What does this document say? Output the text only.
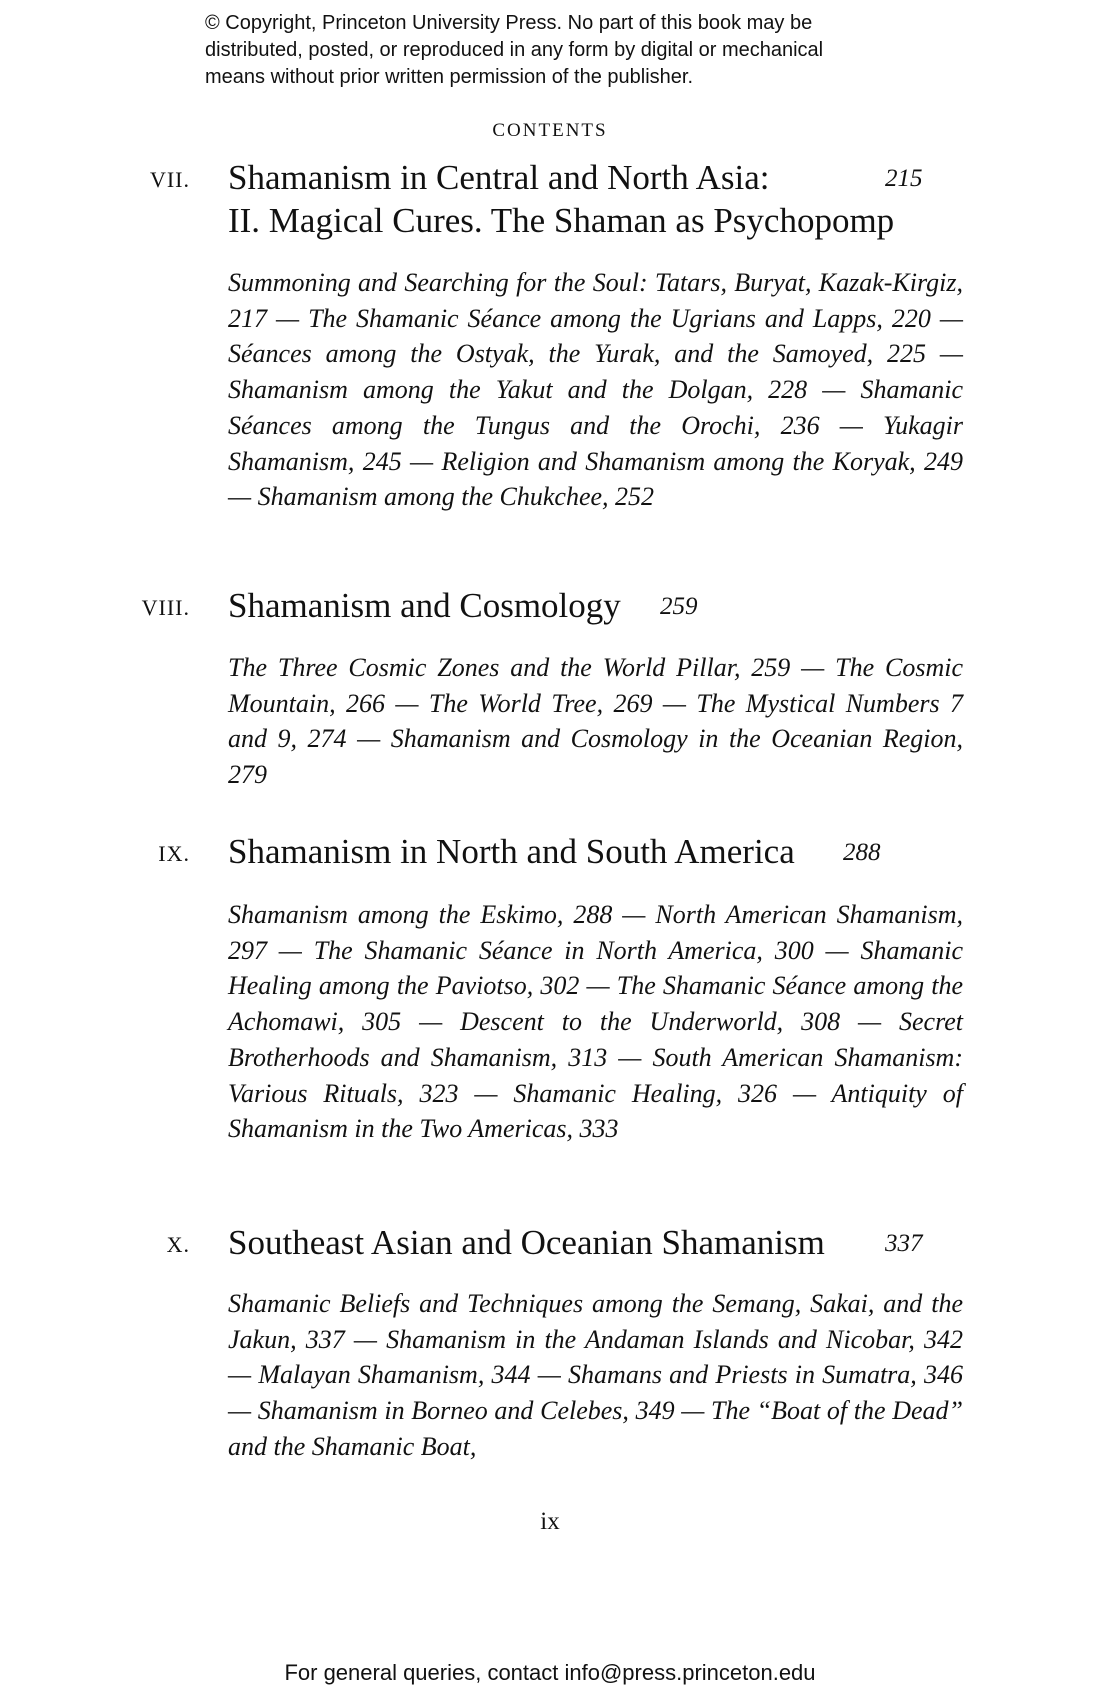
© Copyright, Princeton University Press. No part of this book may be
distributed, posted, or reproduced in any form by digital or mechanical
means without prior written permission of the publisher.
CONTENTS
VII. Shamanism in Central and North Asia:	215
II. Magical Cures. The Shaman as Psychopomp
Summoning and Searching for the Soul: Tatars, Buryat, Kazak-Kirgiz, 217 — The Shamanic Séance among the Ugrians and Lapps, 220 — Séances among the Ostyak, the Yurak, and the Samoyed, 225 — Shamanism among the Yakut and the Dolgan, 228 — Shamanic Séances among the Tungus and the Orochi, 236 — Yukagir Shamanism, 245 — Religion and Shamanism among the Koryak, 249 — Shamanism among the Chukchee, 252
VIII. Shamanism and Cosmology 259
The Three Cosmic Zones and the World Pillar, 259 — The Cosmic Mountain, 266 — The World Tree, 269 — The Mystical Numbers 7 and 9, 274 — Shamanism and Cosmology in the Oceanian Region, 279
IX. Shamanism in North and South America 288
Shamanism among the Eskimo, 288 — North American Shamanism, 297 — The Shamanic Séance in North America, 300 — Shamanic Healing among the Paviotso, 302 — The Shamanic Séance among the Achomawi, 305 — Descent to the Underworld, 308 — Secret Brotherhoods and Shamanism, 313 — South American Shamanism: Various Rituals, 323 — Shamanic Healing, 326 — Antiquity of Shamanism in the Two Americas, 333
X. Southeast Asian and Oceanian Shamanism 337
Shamanic Beliefs and Techniques among the Semang, Sakai, and the Jakun, 337 — Shamanism in the Andaman Islands and Nicobar, 342 — Malayan Shamanism, 344 — Shamans and Priests in Sumatra, 346 — Shamanism in Borneo and Celebes, 349 — The “Boat of the Dead” and the Shamanic Boat,
ix
For general queries, contact info@press.princeton.edu
